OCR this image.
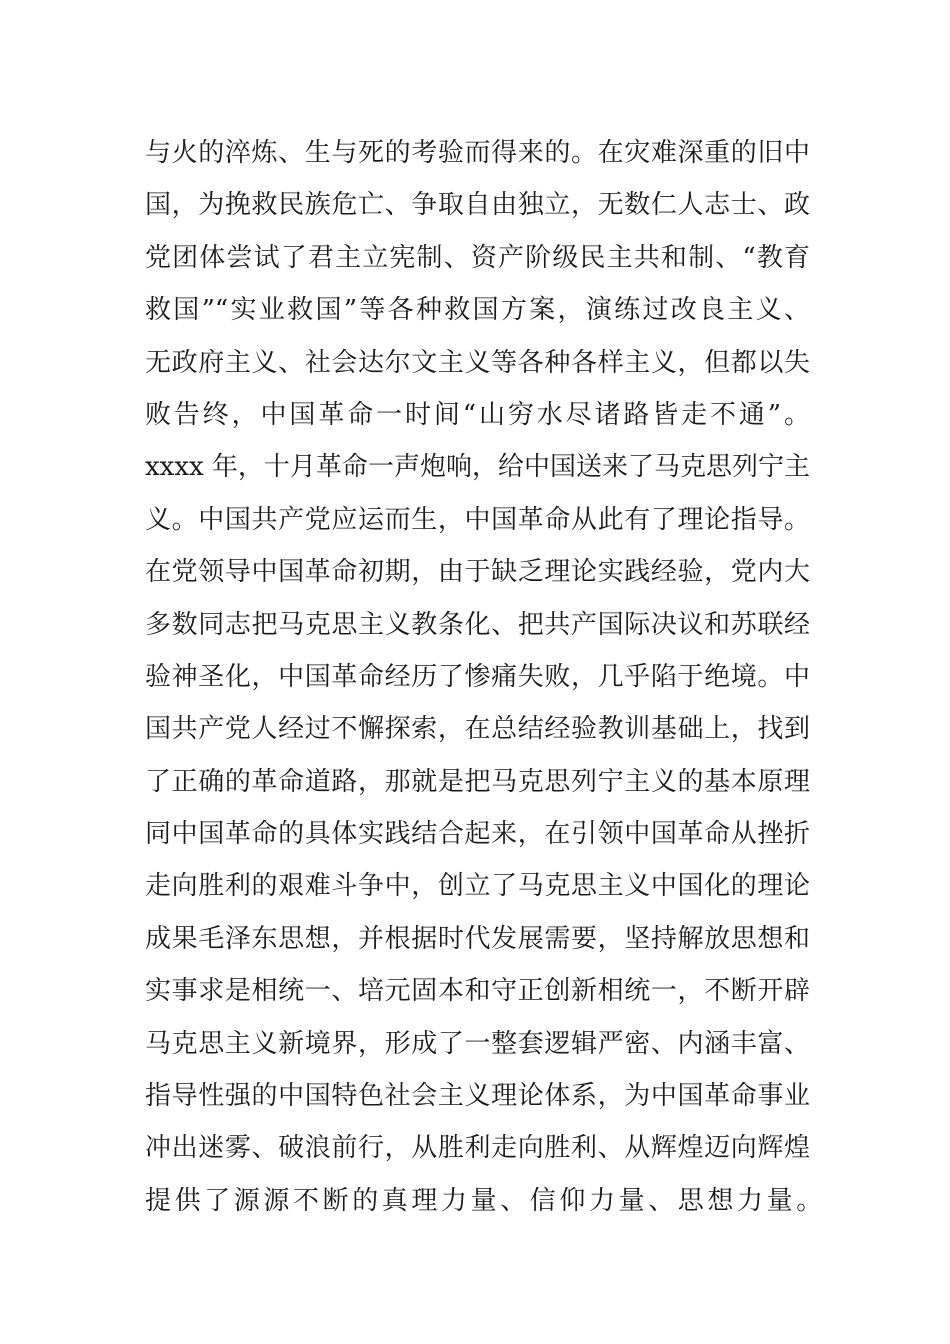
与火的淬炼、生与死的考验而得来的。在灾难深重的旧中
国，为挽救民族危亡、争取自由独立，无数仁人志士、政
党团体尝试了君主立宪制、资产阶级民主共和制、“教育
救国”“实业救国”等各种救国方案，演练过改良主义、
无政府主义、社会达尔文主义等各种各样主义，但都以失
败告终，中国革命一时间“山穷水尽诸路皆走不通”。
xxxx 年，十月革命一声炮响，给中国送来了马克思列宁主
义。中国共产党应运而生，中国革命从此有了理论指导。
在党领导中国革命初期，由于缺乏理论实践经验，党内大
多数同志把马克思主义教条化、把共产国际决议和苏联经
验神圣化，中国革命经历了惨痛失败，几乎陷于绝境。中
国共产党人经过不懈探索，在总结经验教训基础上，找到
了正确的革命道路，那就是把马克思列宁主义的基本原理
同中国革命的具体实践结合起来，在引领中国革命从挫折
走向胜利的艰难斗争中，创立了马克思主义中国化的理论
成果毛泽东思想，并根据时代发展需要，坚持解放思想和
实事求是相统一、培元固本和守正创新相统一，不断开辟
马克思主义新境界，形成了一整套逻辑严密、内涵丰富、
指导性强的中国特色社会主义理论体系，为中国革命事业
冲出迷雾、破浪前行，从胜利走向胜利、从辉煌迈向辉煌
提供了源源不断的真理力量、信仰力量、思想力量。
